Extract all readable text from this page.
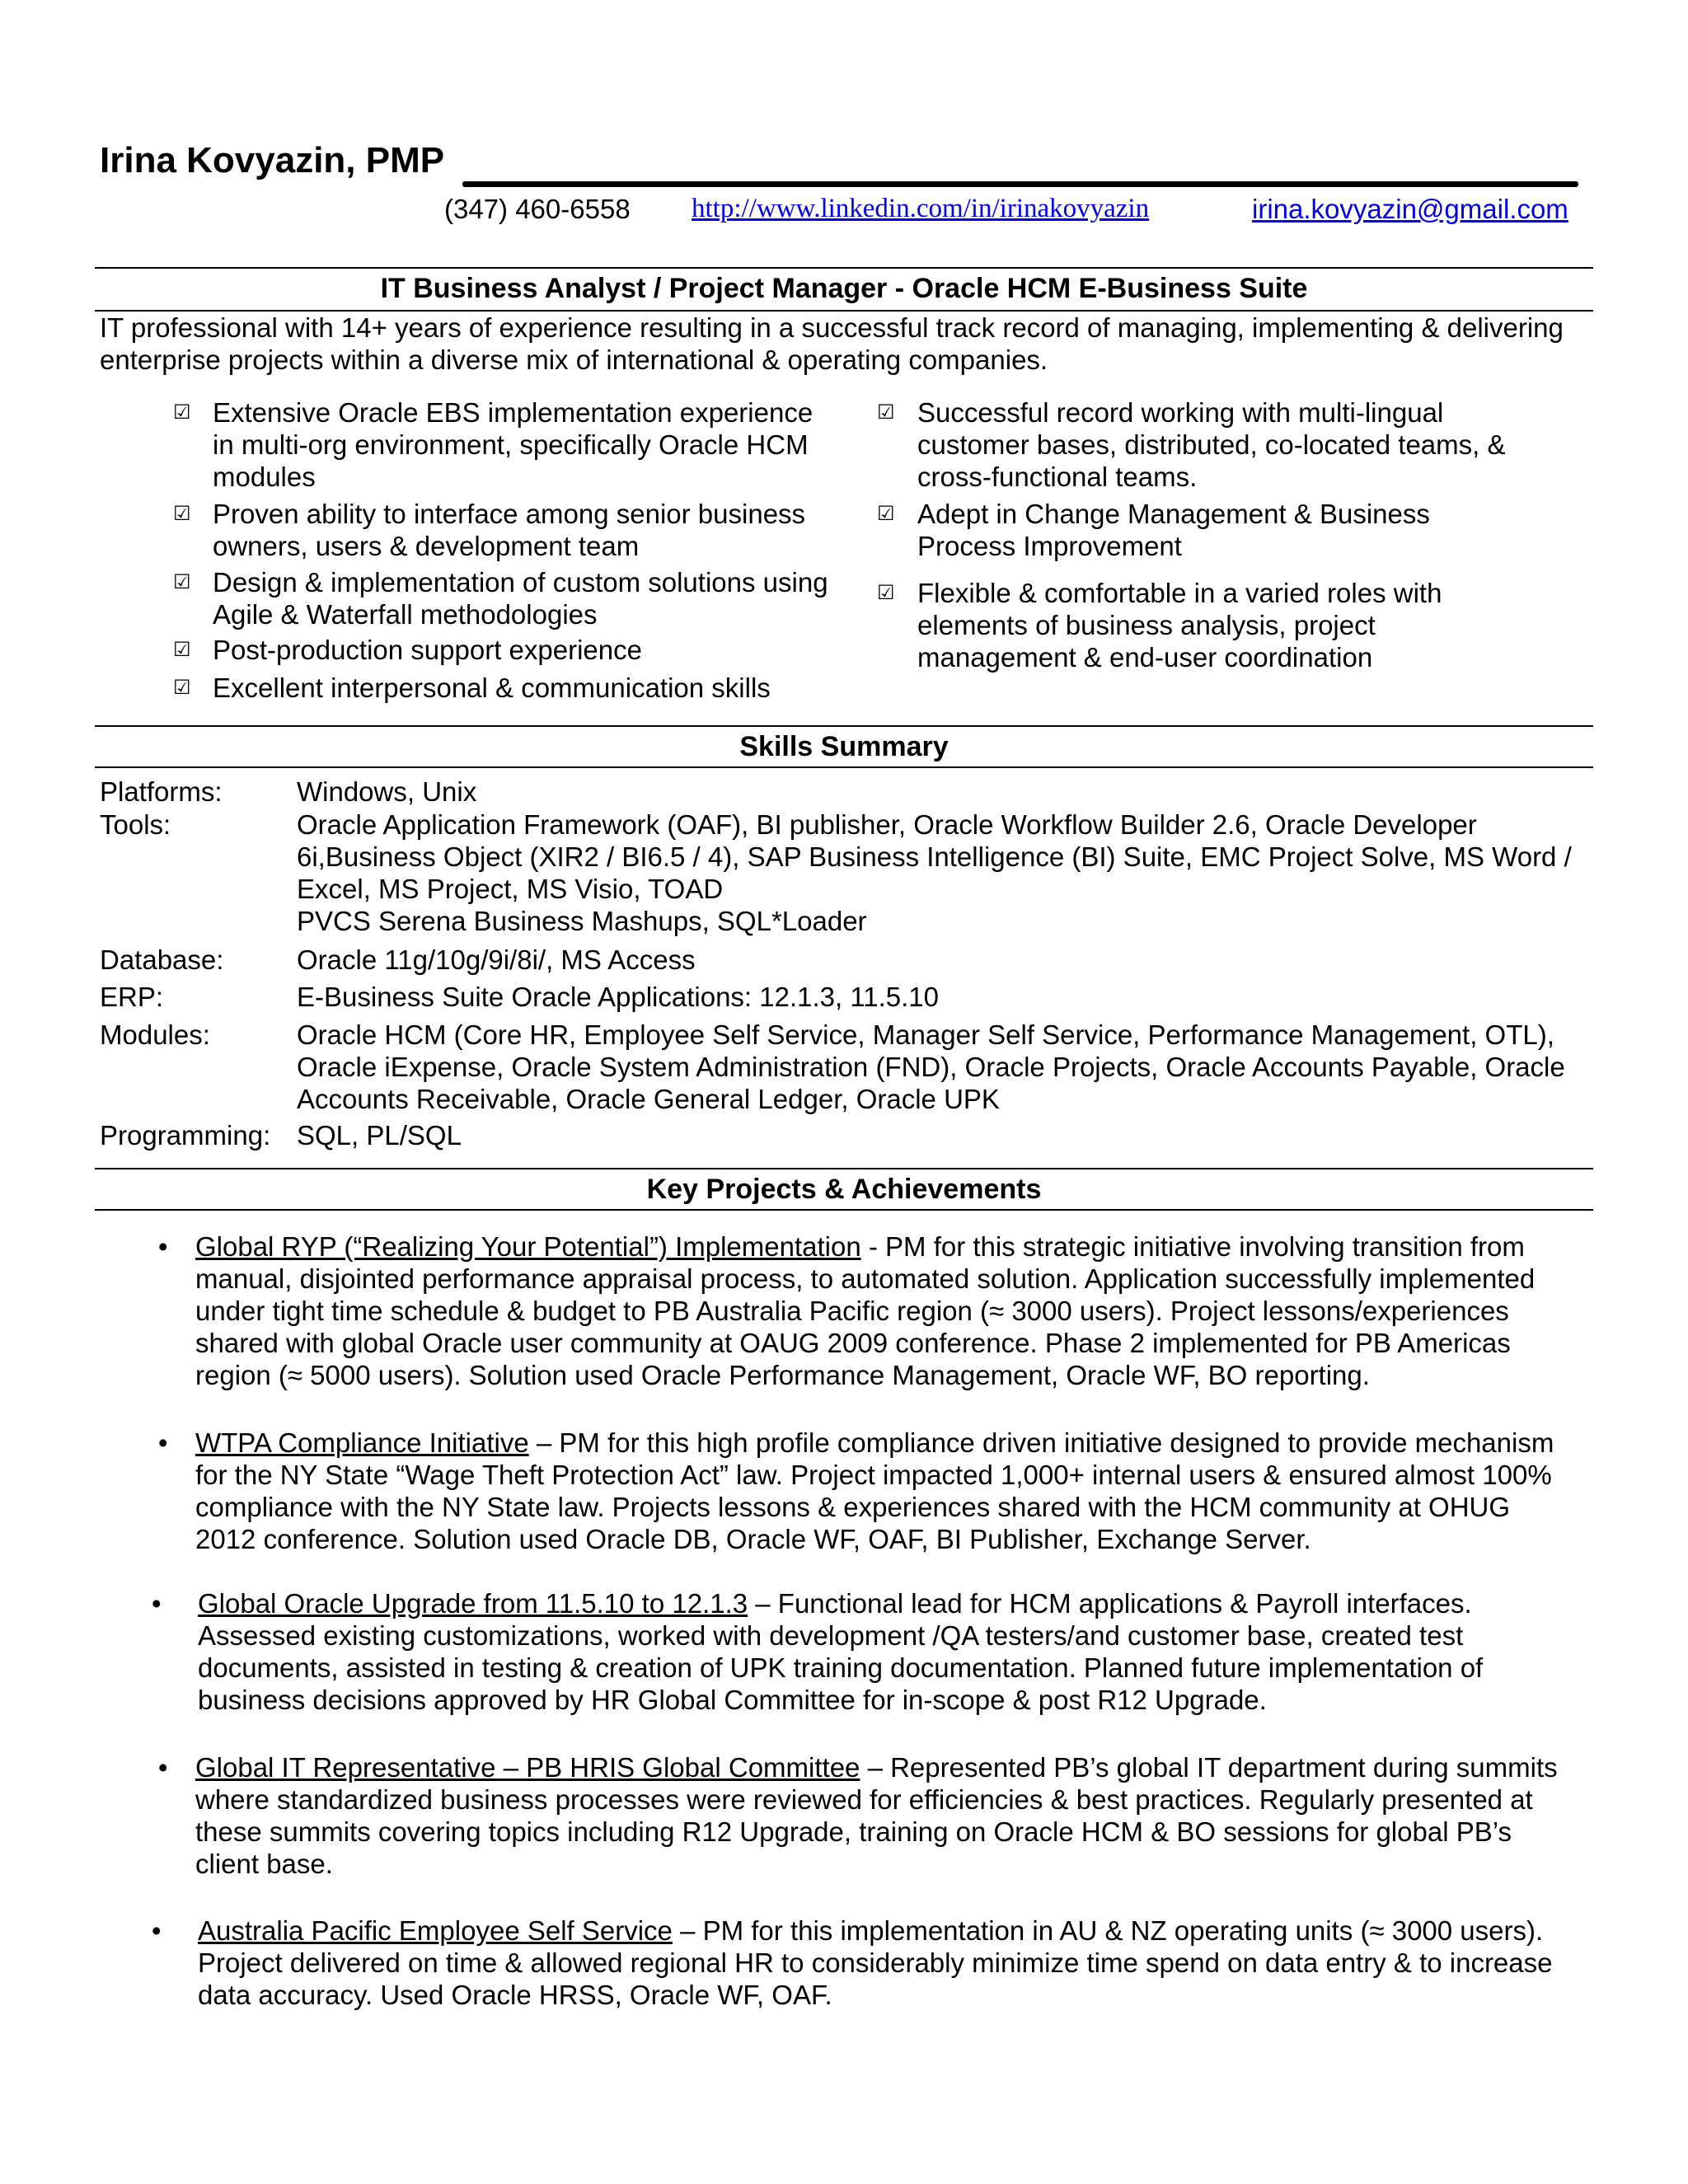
Irina Kovyazin, PMP
(347) 460-6558 http://www.linkedin.com/in/irinakovyazin	irina.kovyazin@gmail.com
IT Business Analyst / Project Manager - Oracle HCM E-Business Suite
IT professional with 14+ years of experience resulting in a successful track record of managing, implementing & delivering
enterprise projects within a diverse mix of international & operating companies.
☑ Extensive Oracle EBS implementation experience
in multi-org environment, specifically Oracle HCM
modules
☑ Proven ability to interface among senior business
owners, users & development team
☑ Design & implementation of custom solutions using
Agile & Waterfall methodologies
☑ Post-production support experience
☑ Excellent interpersonal & communication skills
☑ Successful record working with multi-lingual
customer bases, distributed, co-located teams, &
cross-functional teams.
☑ Adept in Change Management & Business
Process Improvement
☑ Flexible & comfortable in a varied roles with
elements of business analysis, project
management & end-user coordination
Skills Summary
Platforms:	Windows, Unix
Tools:	Oracle Application Framework (OAF), BI publisher, Oracle Workflow Builder 2.6, Oracle Developer
6i,Business Object (XIR2 / BI6.5 / 4), SAP Business Intelligence (BI) Suite, EMC Project Solve, MS Word /
Excel, MS Project, MS Visio, TOAD
PVCS Serena Business Mashups, SQL*Loader
Database:	Oracle 11g/10g/9i/8i/, MS Access
ERP:	E-Business Suite Oracle Applications: 12.1.3, 11.5.10
Modules:	Oracle HCM (Core HR, Employee Self Service, Manager Self Service, Performance Management, OTL),
Oracle iExpense, Oracle System Administration (FND), Oracle Projects, Oracle Accounts Payable, Oracle
Accounts Receivable, Oracle General Ledger, Oracle UPK
Programming: SQL, PL/SQL
Key Projects & Achievements
• Global RYP (“Realizing Your Potential”) Implementation - PM for this strategic initiative involving transition from
manual, disjointed performance appraisal process, to automated solution. Application successfully implemented
under tight time schedule & budget to PB Australia Pacific region (≈ 3000 users). Project lessons/experiences
shared with global Oracle user community at OAUG 2009 conference. Phase 2 implemented for PB Americas
region (≈ 5000 users). Solution used Oracle Performance Management, Oracle WF, BO reporting.
• WTPA Compliance Initiative – PM for this high profile compliance driven initiative designed to provide mechanism
for the NY State “Wage Theft Protection Act” law. Project impacted 1,000+ internal users & ensured almost 100%
compliance with the NY State law. Projects lessons & experiences shared with the HCM community at OHUG
2012 conference. Solution used Oracle DB, Oracle WF, OAF, BI Publisher, Exchange Server.
• Global Oracle Upgrade from 11.5.10 to 12.1.3 – Functional lead for HCM applications & Payroll interfaces.
Assessed existing customizations, worked with development /QA testers/and customer base, created test
documents, assisted in testing & creation of UPK training documentation. Planned future implementation of
business decisions approved by HR Global Committee for in-scope & post R12 Upgrade.
• Global IT Representative – PB HRIS Global Committee – Represented PB’s global IT department during summits
where standardized business processes were reviewed for efficiencies & best practices. Regularly presented at
these summits covering topics including R12 Upgrade, training on Oracle HCM & BO sessions for global PB’s
client base.
• Australia Pacific Employee Self Service – PM for this implementation in AU & NZ operating units (≈ 3000 users).
Project delivered on time & allowed regional HR to considerably minimize time spend on data entry & to increase
data accuracy. Used Oracle HRSS, Oracle WF, OAF.
